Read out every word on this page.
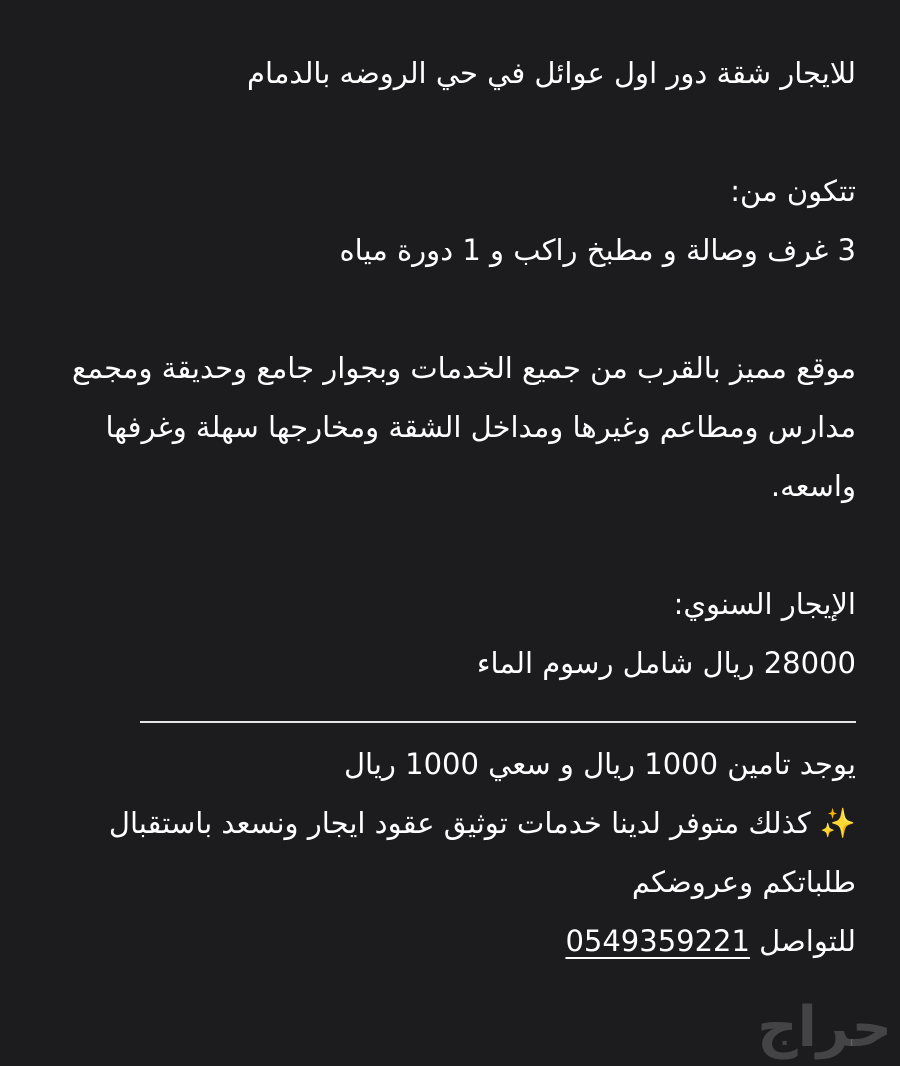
للايجار شقة دور اول عوائل في حي الروضه بالدمام
تتكون من:
3 غرف وصالة و مطبخ راكب و 1 دورة مياه
موقع مميز بالقرب من جميع الخدمات وبجوار جامع وحديقة ومجمع مدارس ومطاعم وغيرها ومداخل الشقة ومخارجها سهلة وغرفها واسعه.
الإيجار السنوي:
28000 ريال شامل رسوم الماء
يوجد تامين 1000 ريال و سعي 1000 ريال
✨ كذلك متوفر لدينا خدمات توثيق عقود ايجار ونسعد باستقبال طلباتكم وعروضكم
للتواصل 0549359221
حراج
